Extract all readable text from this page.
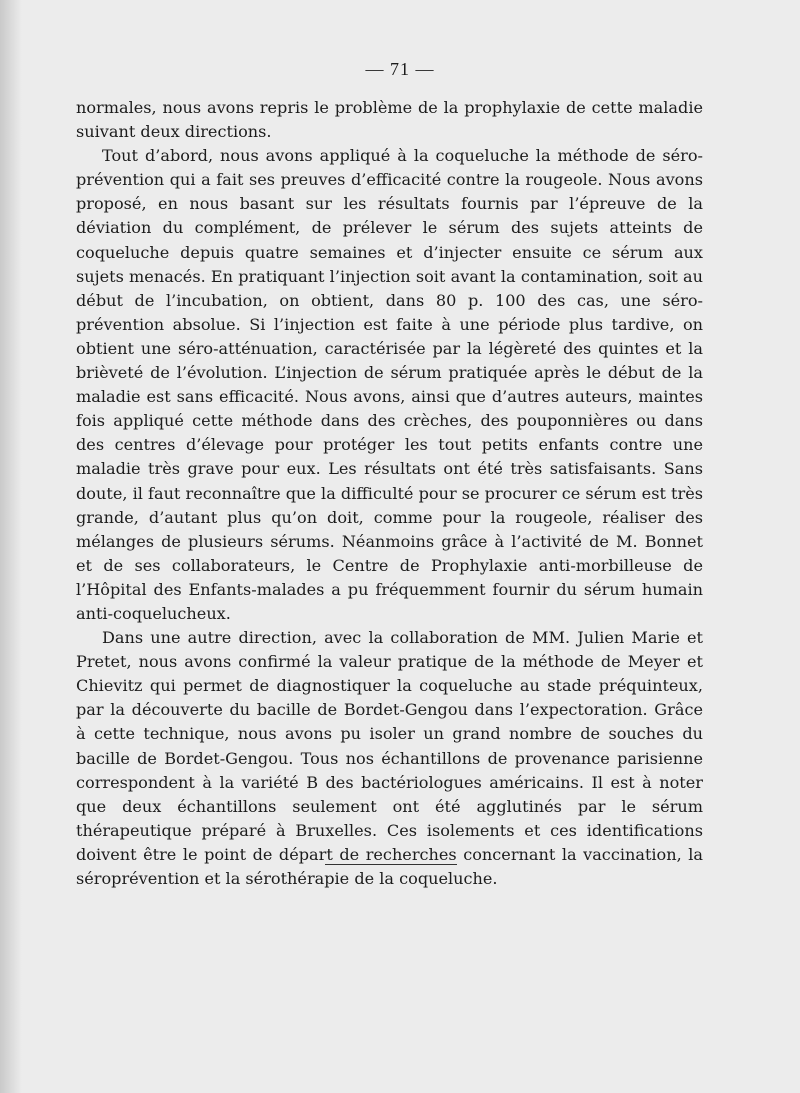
— 71 —

normales, nous avons repris le problème de la prophylaxie de cette maladie suivant deux directions.

Tout d’abord, nous avons appliqué à la coqueluche la méthode de séro-prévention qui a fait ses preuves d’efficacité contre la rougeole. Nous avons proposé, en nous basant sur les résultats fournis par l’épreuve de la déviation du complément, de prélever le sérum des sujets atteints de coqueluche depuis quatre semaines et d’injecter ensuite ce sérum aux sujets menacés. En pratiquant l’injection soit avant la contamination, soit au début de l’incubation, on obtient, dans 80 p. 100 des cas, une séro-prévention absolue. Si l’injection est faite à une période plus tardive, on obtient une séro-atténuation, caractérisée par la légèreté des quintes et la brièveté de l’évolution. L’injection de sérum pratiquée après le début de la maladie est sans efficacité. Nous avons, ainsi que d’autres auteurs, maintes fois appliqué cette méthode dans des crèches, des pouponnières ou dans des centres d’élevage pour protéger les tout petits enfants contre une maladie très grave pour eux. Les résultats ont été très satisfaisants. Sans doute, il faut reconnaître que la difficulté pour se procurer ce sérum est très grande, d’autant plus qu’on doit, comme pour la rougeole, réaliser des mélanges de plusieurs sérums. Néanmoins grâce à l’activité de M. Bonnet et de ses collaborateurs, le Centre de Prophylaxie anti-morbilleuse de l’Hôpital des Enfants-malades a pu fréquemment fournir du sérum humain anti-coquelucheux.

Dans une autre direction, avec la collaboration de MM. Julien Marie et Pretet, nous avons confirmé la valeur pratique de la méthode de Meyer et Chievitz qui permet de diagnostiquer la coqueluche au stade préquinteux, par la découverte du bacille de Bordet-Gengou dans l’expectoration. Grâce à cette technique, nous avons pu isoler un grand nombre de souches du bacille de Bordet-Gengou. Tous nos échantillons de provenance parisienne correspondent à la variété B des bactériologues américains. Il est à noter que deux échantillons seulement ont été agglutinés par le sérum thérapeutique préparé à Bruxelles. Ces isolements et ces identifications doivent être le point de départ de recherches concernant la vaccination, la séroprévention et la sérothérapie de la coqueluche.
